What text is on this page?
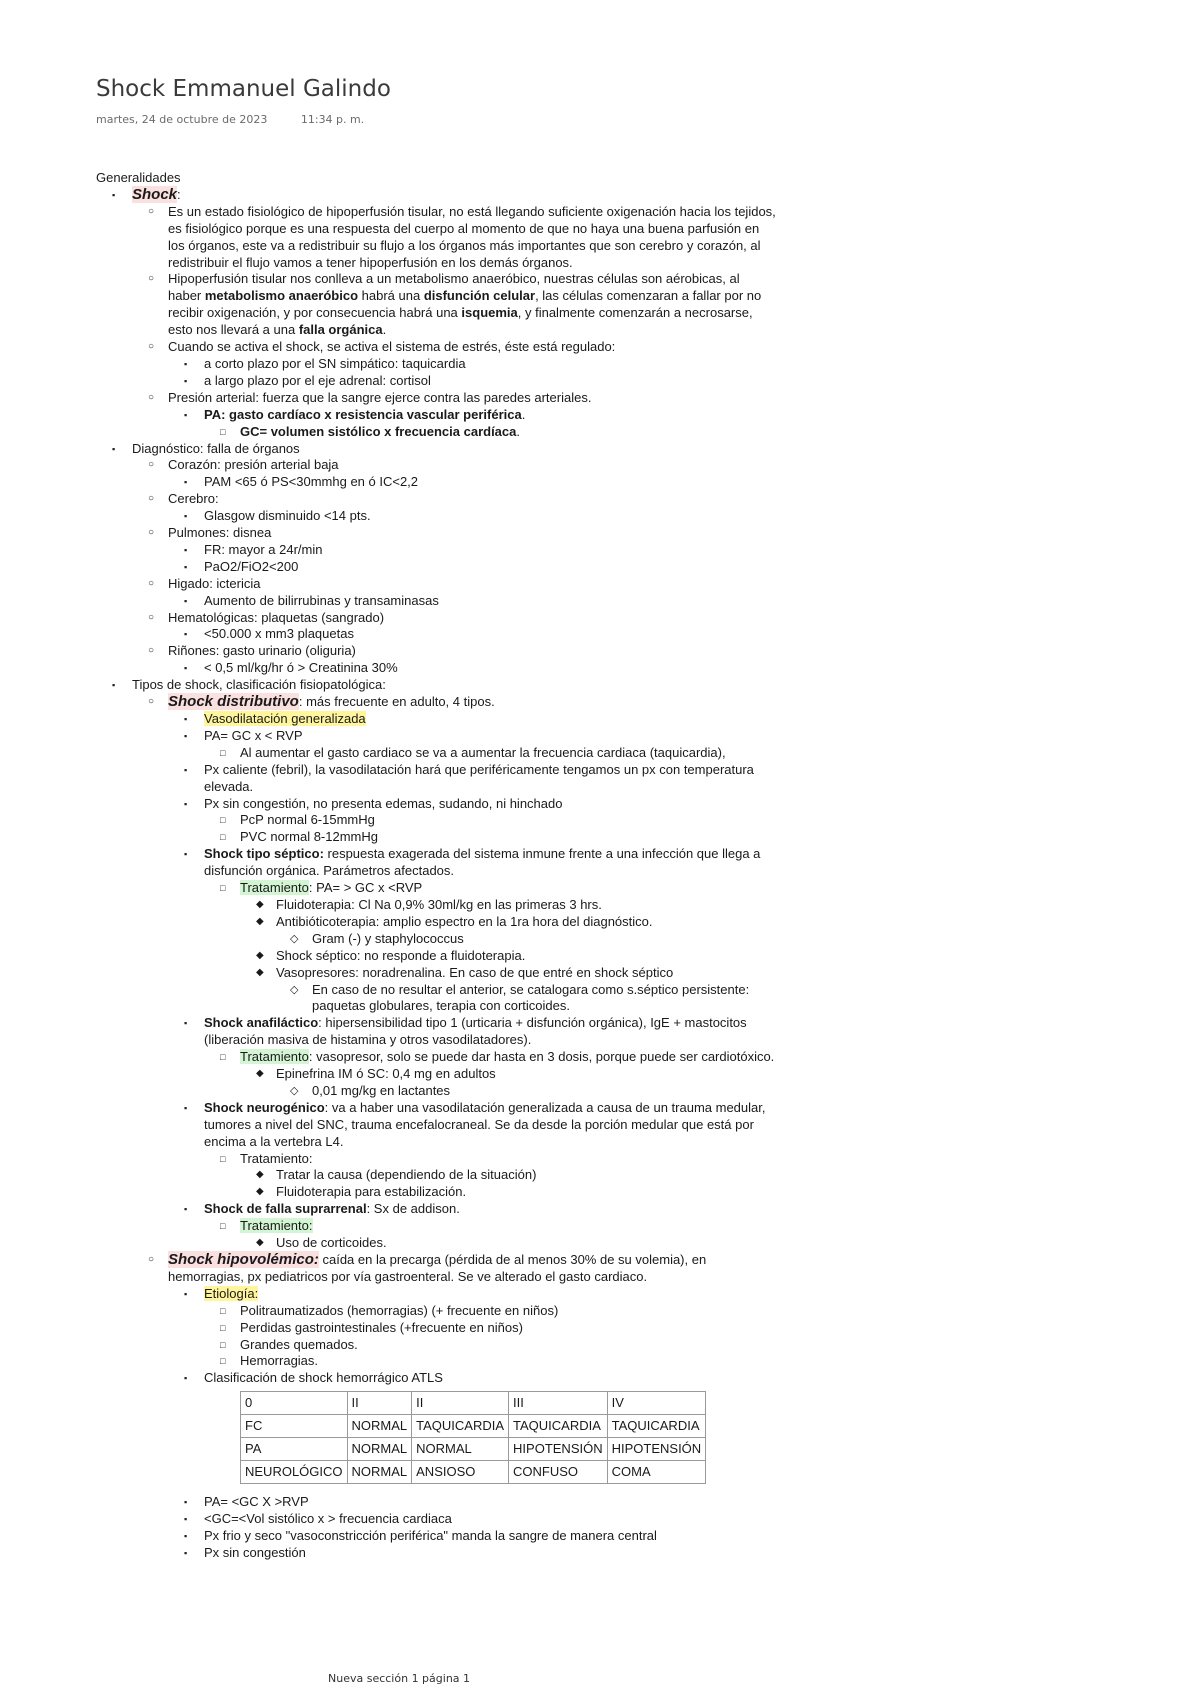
Shock Emmanuel Galindo
martes, 24 de octubre de 2023	11:34 p. m.
Generalidades
▪ Shock:
○ Es un estado fisiológico de hipoperfusión tisular, no está llegando suficiente oxigenación hacia los tejidos, es fisiológico porque es una respuesta del cuerpo al momento de que no haya una buena parfusión en los órganos, este va a redistribuir su flujo a los órganos más importantes que son cerebro y corazón, al redistribuir el flujo vamos a tener hipoperfusión en los demás órganos.
○ Hipoperfusión tisular nos conlleva a un metabolismo anaeróbico, nuestras células son aérobicas, al haber metabolismo anaeróbico habrá una disfunción celular, las células comenzaran a fallar por no recibir oxigenación, y por consecuencia habrá una isquemia, y finalmente comenzarán a necrosarse, esto nos llevará a una falla orgánica.
○ Cuando se activa el shock, se activa el sistema de estrés, éste está regulado:
▪ a corto plazo por el SN simpático: taquicardia
▪ a largo plazo por el eje adrenal: cortisol
○ Presión arterial: fuerza que la sangre ejerce contra las paredes arteriales.
▪ PA: gasto cardíaco x resistencia vascular periférica.
□ GC= volumen sistólico x frecuencia cardíaca.
▪ Diagnóstico: falla de órganos
○ Corazón: presión arterial baja
▪ PAM <65 ó PS<30mmhg en ó IC<2,2
○ Cerebro:
▪ Glasgow disminuido <14 pts.
○ Pulmones: disnea
▪ FR: mayor a 24r/min
▪ PaO2/FiO2<200
○ Higado: ictericia
▪ Aumento de bilirrubinas y transaminasas
○ Hematológicas: plaquetas (sangrado)
▪ <50.000 x mm3 plaquetas
○ Riñones: gasto urinario (oliguria)
▪ < 0,5 ml/kg/hr ó > Creatinina 30%
▪ Tipos de shock, clasificación fisiopatológica:
○ Shock distributivo: más frecuente en adulto, 4 tipos.
▪ Vasodilatación generalizada
▪ PA= GC x < RVP
□ Al aumentar el gasto cardiaco se va a aumentar la frecuencia cardiaca (taquicardia),
▪ Px caliente (febril), la vasodilatación hará que periféricamente tengamos un px con temperatura elevada.
▪ Px sin congestión, no presenta edemas, sudando, ni hinchado
□ PcP normal 6-15mmHg
□ PVC normal 8-12mmHg
▪ Shock tipo séptico: respuesta exagerada del sistema inmune frente a una infección que llega a disfunción orgánica. Parámetros afectados.
□ Tratamiento: PA= > GC x <RVP
◆ Fluidoterapia: Cl Na 0,9% 30ml/kg en las primeras 3 hrs.
◆ Antibióticoterapia: amplio espectro en la 1ra hora del diagnóstico.
◇ Gram (-) y staphylococcus
◆ Shock séptico: no responde a fluidoterapia.
◆ Vasopresores: noradrenalina. En caso de que entré en shock séptico
◇ En caso de no resultar el anterior, se catalogara como s.séptico persistente: paquetas globulares, terapia con corticoides.
▪ Shock anafiláctico: hipersensibilidad tipo 1 (urticaria + disfunción orgánica), IgE + mastocitos (liberación masiva de histamina y otros vasodilatadores).
□ Tratamiento: vasopresor, solo se puede dar hasta en 3 dosis, porque puede ser cardiotóxico.
◆ Epinefrina IM ó SC: 0,4 mg en adultos
◇ 0,01 mg/kg en lactantes
▪ Shock neurogénico: va a haber una vasodilatación generalizada a causa de un trauma medular, tumores a nivel del SNC, trauma encefalocraneal. Se da desde la porción medular que está por encima a la vertebra L4.
□ Tratamiento:
◆ Tratar la causa (dependiendo de la situación)
◆ Fluidoterapia para estabilización.
▪ Shock de falla suprarrenal: Sx de addison.
□ Tratamiento:
◆ Uso de corticoides.
○ Shock hipovolémico: caída en la precarga (pérdida de al menos 30% de su volemia), en hemorragias, px pediatricos por vía gastroenteral. Se ve alterado el gasto cardiaco.
▪ Etiología:
□ Politraumatizados (hemorragias) (+ frecuente en niños)
□ Perdidas gastrointestinales (+frecuente en niños)
□ Grandes quemados.
□ Hemorragias.
▪ Clasificación de shock hemorrágico ATLS
0	II	II	III	IV
FC	NORMAL	TAQUICARDIA	TAQUICARDIA	TAQUICARDIA
PA	NORMAL	NORMAL	HIPOTENSIÓN	HIPOTENSIÓN
NEUROLÓGICO	NORMAL	ANSIOSO	CONFUSO	COMA
▪ PA= <GC X >RVP
▪ <GC=<Vol sistólico x > frecuencia cardiaca
▪ Px frio y seco "vasoconstricción periférica" manda la sangre de manera central
▪ Px sin congestión
Nueva sección 1 página 1
